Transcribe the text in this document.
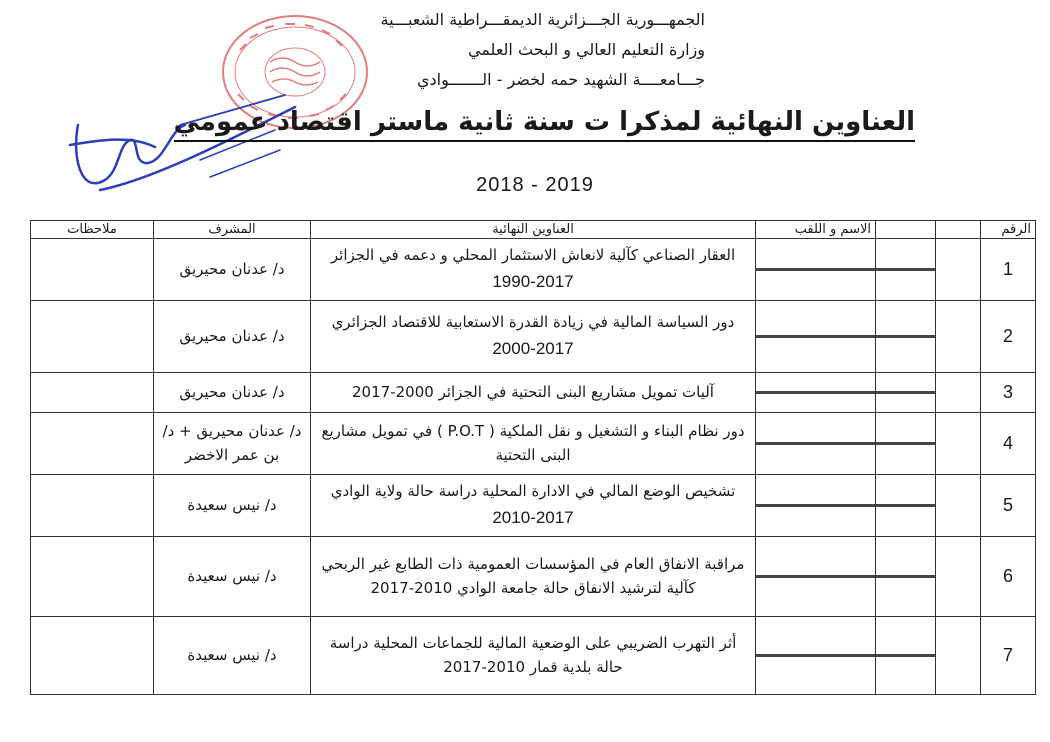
الجمهـــورية الجـــزائرية الديمقـــراطية الشعبـــية
وزارة التعليم العالي و البحث العلمي
جـــامعــــة الشهيد حمه لخضر - الـــــــوادي
العناوين النهائية لمذكرا ت سنة ثانية ماستر اقتصاد عمومي
2018 - 2019
الرقم			الاسم و اللقب	العناوين النهائية	المشرف	ملاحظات
1				العقار الصناعي كآلية لانعاش الاستثمار المحلي و دعمه في الجزائر
1990-2017	د/ عدنان محيريق	
2				دور السياسة المالية في زيادة القدرة الاستعابية للاقتصاد الجزائري
2000-2017	د/ عدنان محيريق	
3				آليات تمويل مشاريع البنى التحتية في الجزائر 2000-2017	د/ عدنان محيريق	
4				دور نظام البناء و التشغيل و نقل الملكية ( P.O.T ) في تمويل مشاريع البنى التحتية	د/ عدنان محيريق + د/ بن عمر الاخضر	
5				تشخيص الوضع المالي في الادارة المحلية دراسة حالة ولاية الوادي
2010-2017	د/ نيس سعيدة	
6				مراقبة الانفاق العام في المؤسسات العمومية ذات الطابع غير الربحي كآلية لترشيد الانفاق حالة جامعة الوادي 2010-2017	د/ نيس سعيدة	
7				أثر التهرب الضريبي على الوضعية المالية للجماعات المحلية دراسة حالة بلدية قمار 2010-2017	د/ نيس سعيدة	
